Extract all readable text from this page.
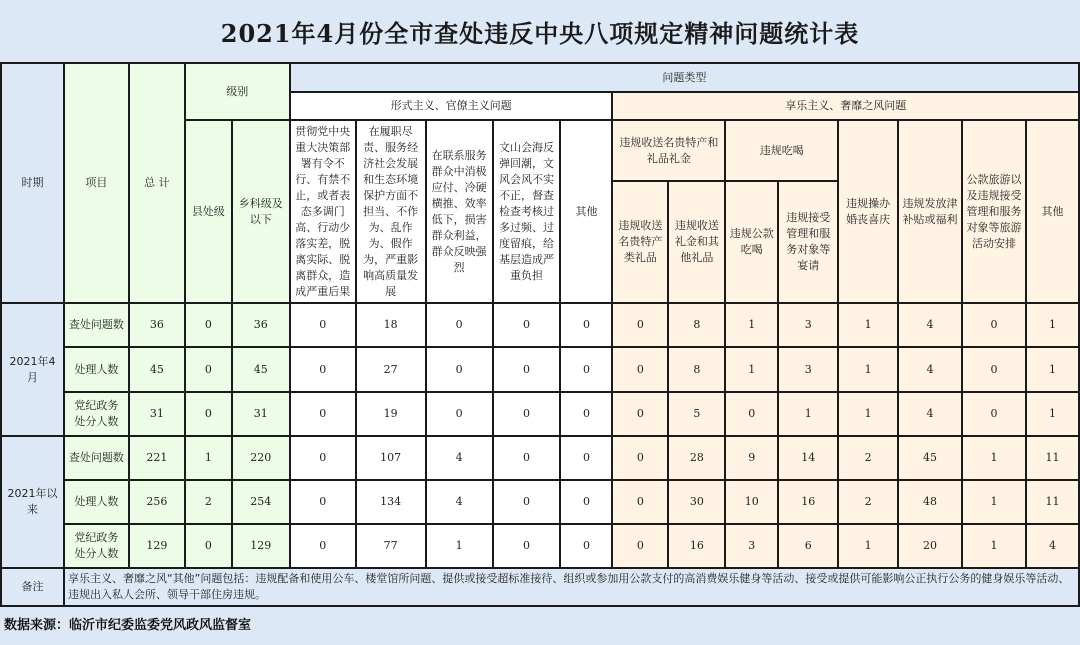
2021年4月份全市查处违反中央八项规定精神问题统计表
时期	项目	总 计	级别		问题类型												
					形式主义、官僚主义问题					享乐主义、奢靡之风问题							
			县处级	乡科级及以下	贯彻党中央重大决策部署有令不行、有禁不止，或者表态多调门高、行动少落实差，脱离实际、脱离群众，造成严重后果	在履职尽责、服务经济社会发展和生态环境保护方面不担当、不作为、乱作为、假作为，严重影响高质量发展	在联系服务群众中消极应付、冷硬横推、效率低下，损害群众利益，群众反映强烈	文山会海反弹回潮，文风会风不实不正，督查检查考核过多过频、过度留痕，给基层造成严重负担	其他	违规收送名贵特产和礼品礼金		违规吃喝		违规操办婚丧喜庆	违规发放津补贴或福利	公款旅游以及违规接受管理和服务对象等旅游活动安排	其他
										违规收送名贵特产类礼品	违规收送礼金和其他礼品	违规公款吃喝	违规接受管理和服务对象等宴请				
2021年4月	查处问题数	36	0	36	0	18	0	0	0	0	8	1	3	1	4	0	1
	处理人数	45	0	45	0	27	0	0	0	0	8	1	3	1	4	0	1
	党纪政务处分人数	31	0	31	0	19	0	0	0	0	5	0	1	1	4	0	1
2021年以来	查处问题数	221	1	220	0	107	4	0	0	0	28	9	14	2	45	1	11
	处理人数	256	2	254	0	134	4	0	0	0	30	10	16	2	48	1	11
	党纪政务处分人数	129	0	129	0	77	1	0	0	0	16	3	6	1	20	1	4
备注	享乐主义、奢靡之风“其他”问题包括：违规配备和使用公车、楼堂馆所问题、提供或接受超标准接待、组织或参加用公款支付的高消费娱乐健身等活动、接受或提供可能影响公正执行公务的健身娱乐等活动、违规出入私人会所、领导干部住房违规。																
数据来源：临沂市纪委监委党风政风监督室
